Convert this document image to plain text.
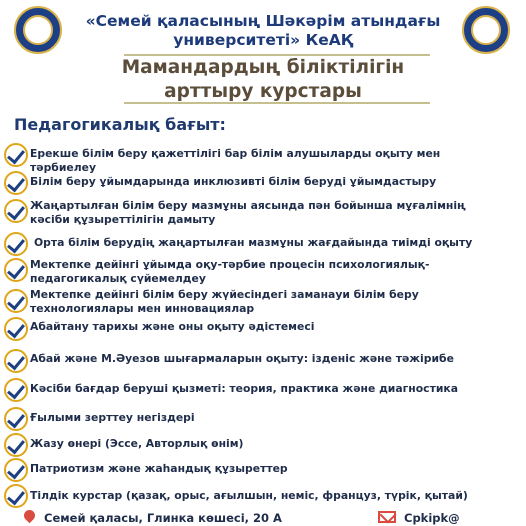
«Семей қаласының Шәкәрім атындағы
университеті» КеАҚ
Мамандардың біліктілігін
арттыру курстары
Педагогикалық бағыт:
Ерекше білім беру қажеттілігі бар білім алушыларды оқыту мен тәрбиелеу
Білім беру ұйымдарында инклюзивті білім беруді ұйымдастыру
Жаңартылған білім беру мазмұны аясында пән бойынша мұғалімнің кәсіби құзыреттілігін дамыту
Орта білім берудің жаңартылған мазмұны жағдайында тиімді оқыту
Мектепке дейінгі ұйымда оқу-тәрбие процесін психологиялық-педагогикалық сүйемелдеу
Мектепке дейінгі білім беру жүйесіндегі заманауи білім беру технологиялары мен инновациялар
Абайтану тарихы және оны оқыту әдістемесі
Абай және М.Әуезов шығармаларын оқыту: ізденіс және тәжірибе
Кәсіби бағдар беруші қызметі: теория, практика және диагностика
Ғылыми зерттеу негіздері
Жазу өнері (Эссе, Авторлық өнім)
Патриотизм және жаһандық құзыреттер
Тілдік курстар (қазақ, орыс, ағылшын, неміс, француз, түрік, қытай)
Семей қаласы, Глинка көшесі, 20 А	Cpkipk@
